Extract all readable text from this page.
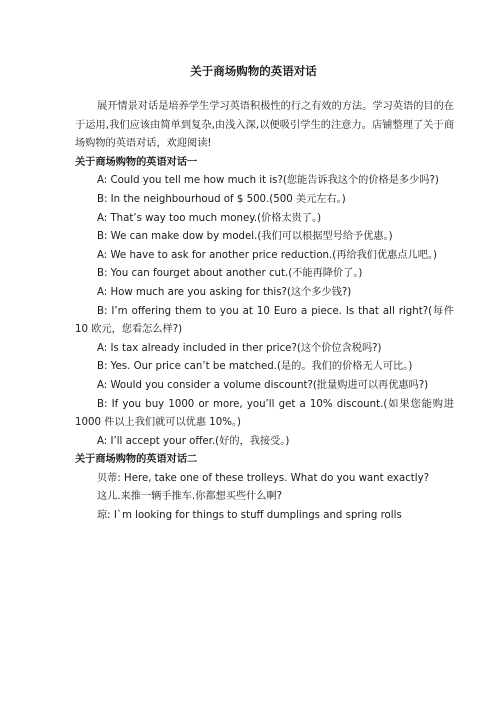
关于商场购物的英语对话

展开情景对话是培养学生学习英语积极性的行之有效的方法。学习英语的目的在于运用,我们应该由简单到复杂,由浅入深,以便吸引学生的注意力。店铺整理了关于商场购物的英语对话，欢迎阅读!

关于商场购物的英语对话一

A: Could you tell me how much it is?(您能告诉我这个的价格是多少吗?)

B: In the neighbourhoud of $ 500.(500 美元左右。)

A: That’s way too much money.(价格太贵了。)

B: We can make dow by model.(我们可以根据型号给予优惠。)

A: We have to ask for another price reduction.(再给我们优惠点儿吧。)

B: You can fourget about another cut.(不能再降价了。)

A: How much are you asking for this?(这个多少钱?)

B: I’m offering them to you at 10 Euro a piece. Is that all right?(每件 10 欧元，您看怎么样?)

A: Is tax already included in ther price?(这个价位含税吗?)

B: Yes. Our price can’t be matched.(是的。我们的价格无人可比。)

A: Would you consider a volume discount?(批量购进可以再优惠吗?)

B: If you buy 1000 or more, you’ll get a 10% discount.(如果您能购进 1000 件以上我们就可以优惠 10%。)

A: I’ll accept your offer.(好的，我接受。)

关于商场购物的英语对话二

贝蒂: Here, take one of these trolleys. What do you want exactly?

这儿.来推一辆手推车.你都想买些什么啊?

琼: I`m looking for things to stuff dumplings and spring rolls
